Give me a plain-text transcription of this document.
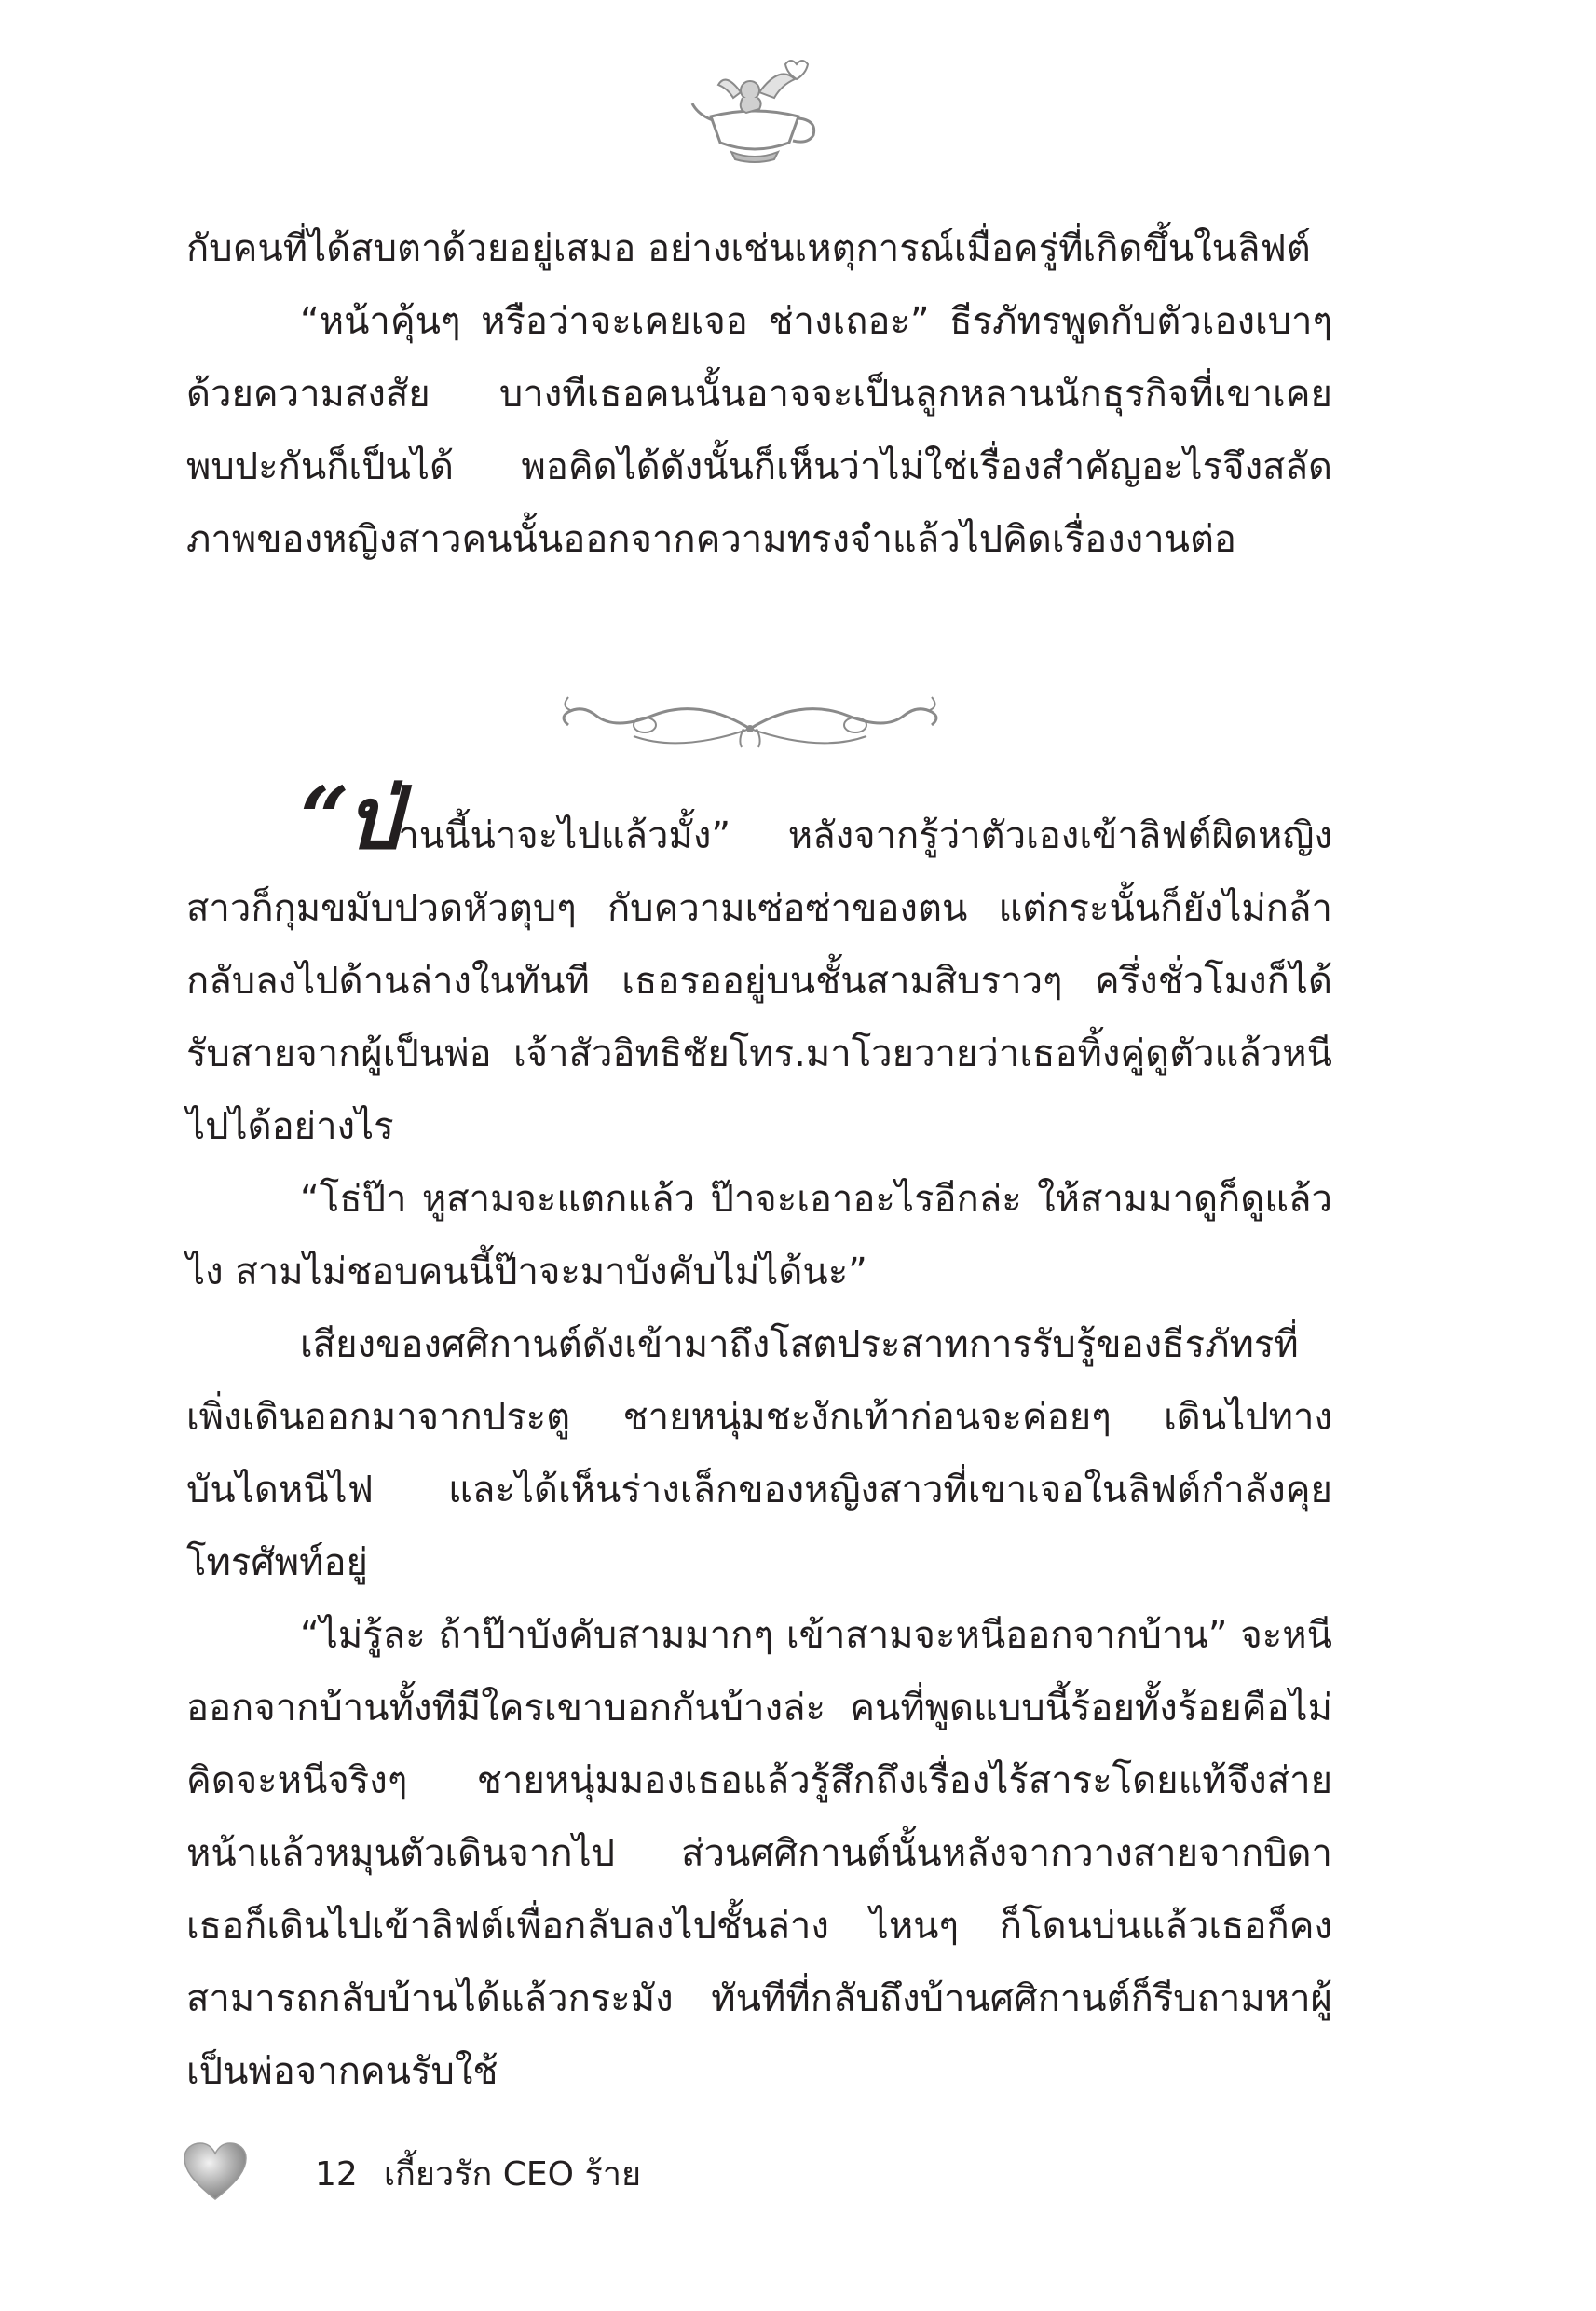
กับคนที่ได้สบตาด้วยอยู่เสมอ อย่างเช่นเหตุการณ์เมื่อครู่ที่เกิดขึ้นในลิฟต์

“หน้าคุ้นๆ หรือว่าจะเคยเจอ ช่างเถอะ” ธีรภัทรพูดกับตัวเองเบาๆ ด้วยความสงสัย บางทีเธอคนนั้นอาจจะเป็นลูกหลานนักธุรกิจที่เขาเคยพบปะกันก็เป็นได้ พอคิดได้ดังนั้นก็เห็นว่าไม่ใช่เรื่องสำคัญอะไรจึงสลัดภาพของหญิงสาวคนนั้นออกจากความทรงจำแล้วไปคิดเรื่องงานต่อ

“ป่านนี้น่าจะไปแล้วมั้ง” หลังจากรู้ว่าตัวเองเข้าลิฟต์ผิดหญิงสาวก็กุมขมับปวดหัวตุบๆ กับความเซ่อซ่าของตน แต่กระนั้นก็ยังไม่กล้ากลับลงไปด้านล่างในทันที เธอรออยู่บนชั้นสามสิบราวๆ ครึ่งชั่วโมงก็ได้รับสายจากผู้เป็นพ่อ เจ้าสัวอิทธิชัยโทร.มาโวยวายว่าเธอทิ้งคู่ดูตัวแล้วหนีไปได้อย่างไร

“โธ่ป๊า หูสามจะแตกแล้ว ป๊าจะเอาอะไรอีกล่ะ ให้สามมาดูก็ดูแล้วไง สามไม่ชอบคนนี้ป๊าจะมาบังคับไม่ได้นะ”

เสียงของศศิกานต์ดังเข้ามาถึงโสตประสาทการรับรู้ของธีรภัทรที่เพิ่งเดินออกมาจากประตู ชายหนุ่มชะงักเท้าก่อนจะค่อยๆ เดินไปทางบันไดหนีไฟ และได้เห็นร่างเล็กของหญิงสาวที่เขาเจอในลิฟต์กำลังคุยโทรศัพท์อยู่

“ไม่รู้ละ ถ้าป๊าบังคับสามมากๆ เข้าสามจะหนีออกจากบ้าน” จะหนีออกจากบ้านทั้งทีมีใครเขาบอกกันบ้างล่ะ คนที่พูดแบบนี้ร้อยทั้งร้อยคือไม่คิดจะหนีจริงๆ ชายหนุ่มมองเธอแล้วรู้สึกถึงเรื่องไร้สาระโดยแท้จึงส่ายหน้าแล้วหมุนตัวเดินจากไป ส่วนศศิกานต์นั้นหลังจากวางสายจากบิดาเธอก็เดินไปเข้าลิฟต์เพื่อกลับลงไปชั้นล่าง ไหนๆ ก็โดนบ่นแล้วเธอก็คงสามารถกลับบ้านได้แล้วกระมัง ทันทีที่กลับถึงบ้านศศิกานต์ก็รีบถามหาผู้เป็นพ่อจากคนรับใช้

12 เกี้ยวรัก CEO ร้าย
